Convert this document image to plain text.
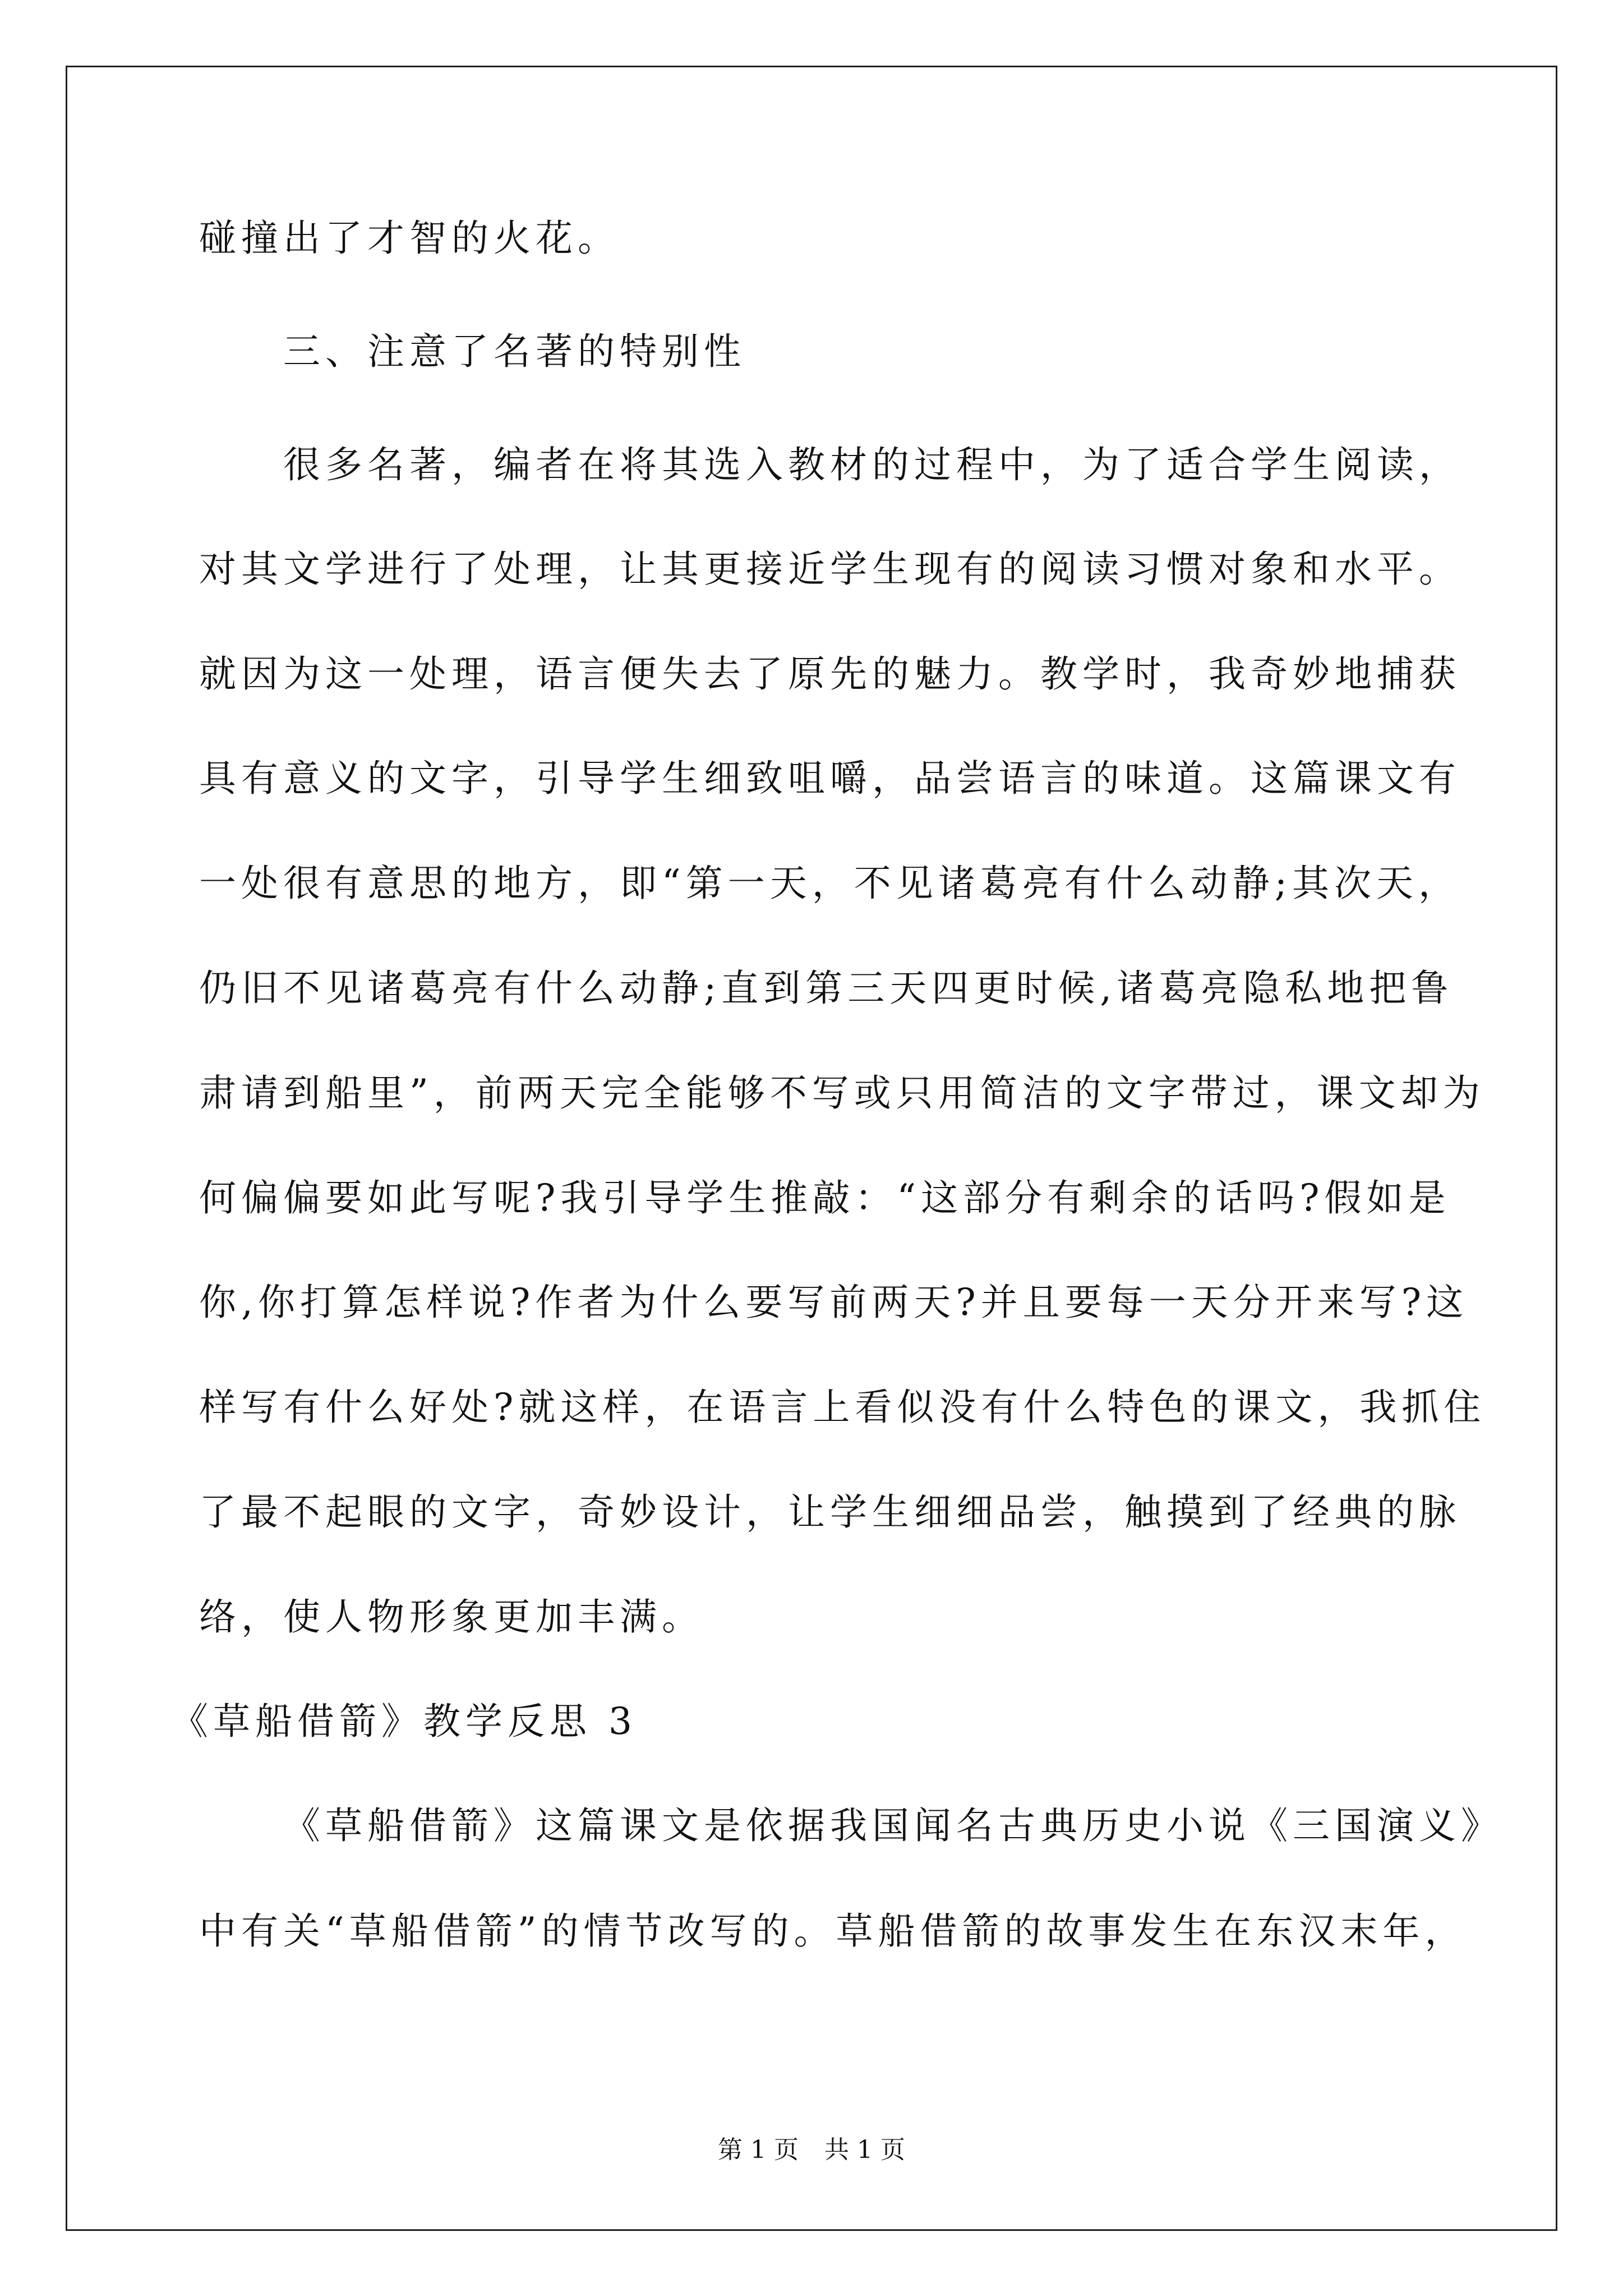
碰撞出了才智的火花。

三、注意了名著的特别性

很多名著，编者在将其选入教材的过程中，为了适合学生阅读，

对其文学进行了处理，让其更接近学生现有的阅读习惯对象和水平。

就因为这一处理，语言便失去了原先的魅力。教学时，我奇妙地捕获

具有意义的文字，引导学生细致咀嚼，品尝语言的味道。这篇课文有

一处很有意思的地方，即“第一天，不见诸葛亮有什么动静;其次天，

仍旧不见诸葛亮有什么动静;直到第三天四更时候,诸葛亮隐私地把鲁

肃请到船里”，前两天完全能够不写或只用简洁的文字带过，课文却为

何偏偏要如此写呢?我引导学生推敲：“这部分有剩余的话吗?假如是

你,你打算怎样说?作者为什么要写前两天?并且要每一天分开来写?这

样写有什么好处?就这样，在语言上看似没有什么特色的课文，我抓住

了最不起眼的文字，奇妙设计，让学生细细品尝，触摸到了经典的脉

络，使人物形象更加丰满。

《草船借箭》教学反思 3

《草船借箭》这篇课文是依据我国闻名古典历史小说《三国演义》

中有关“草船借箭”的情节改写的。草船借箭的故事发生在东汉末年，

第 1 页 共 1 页
